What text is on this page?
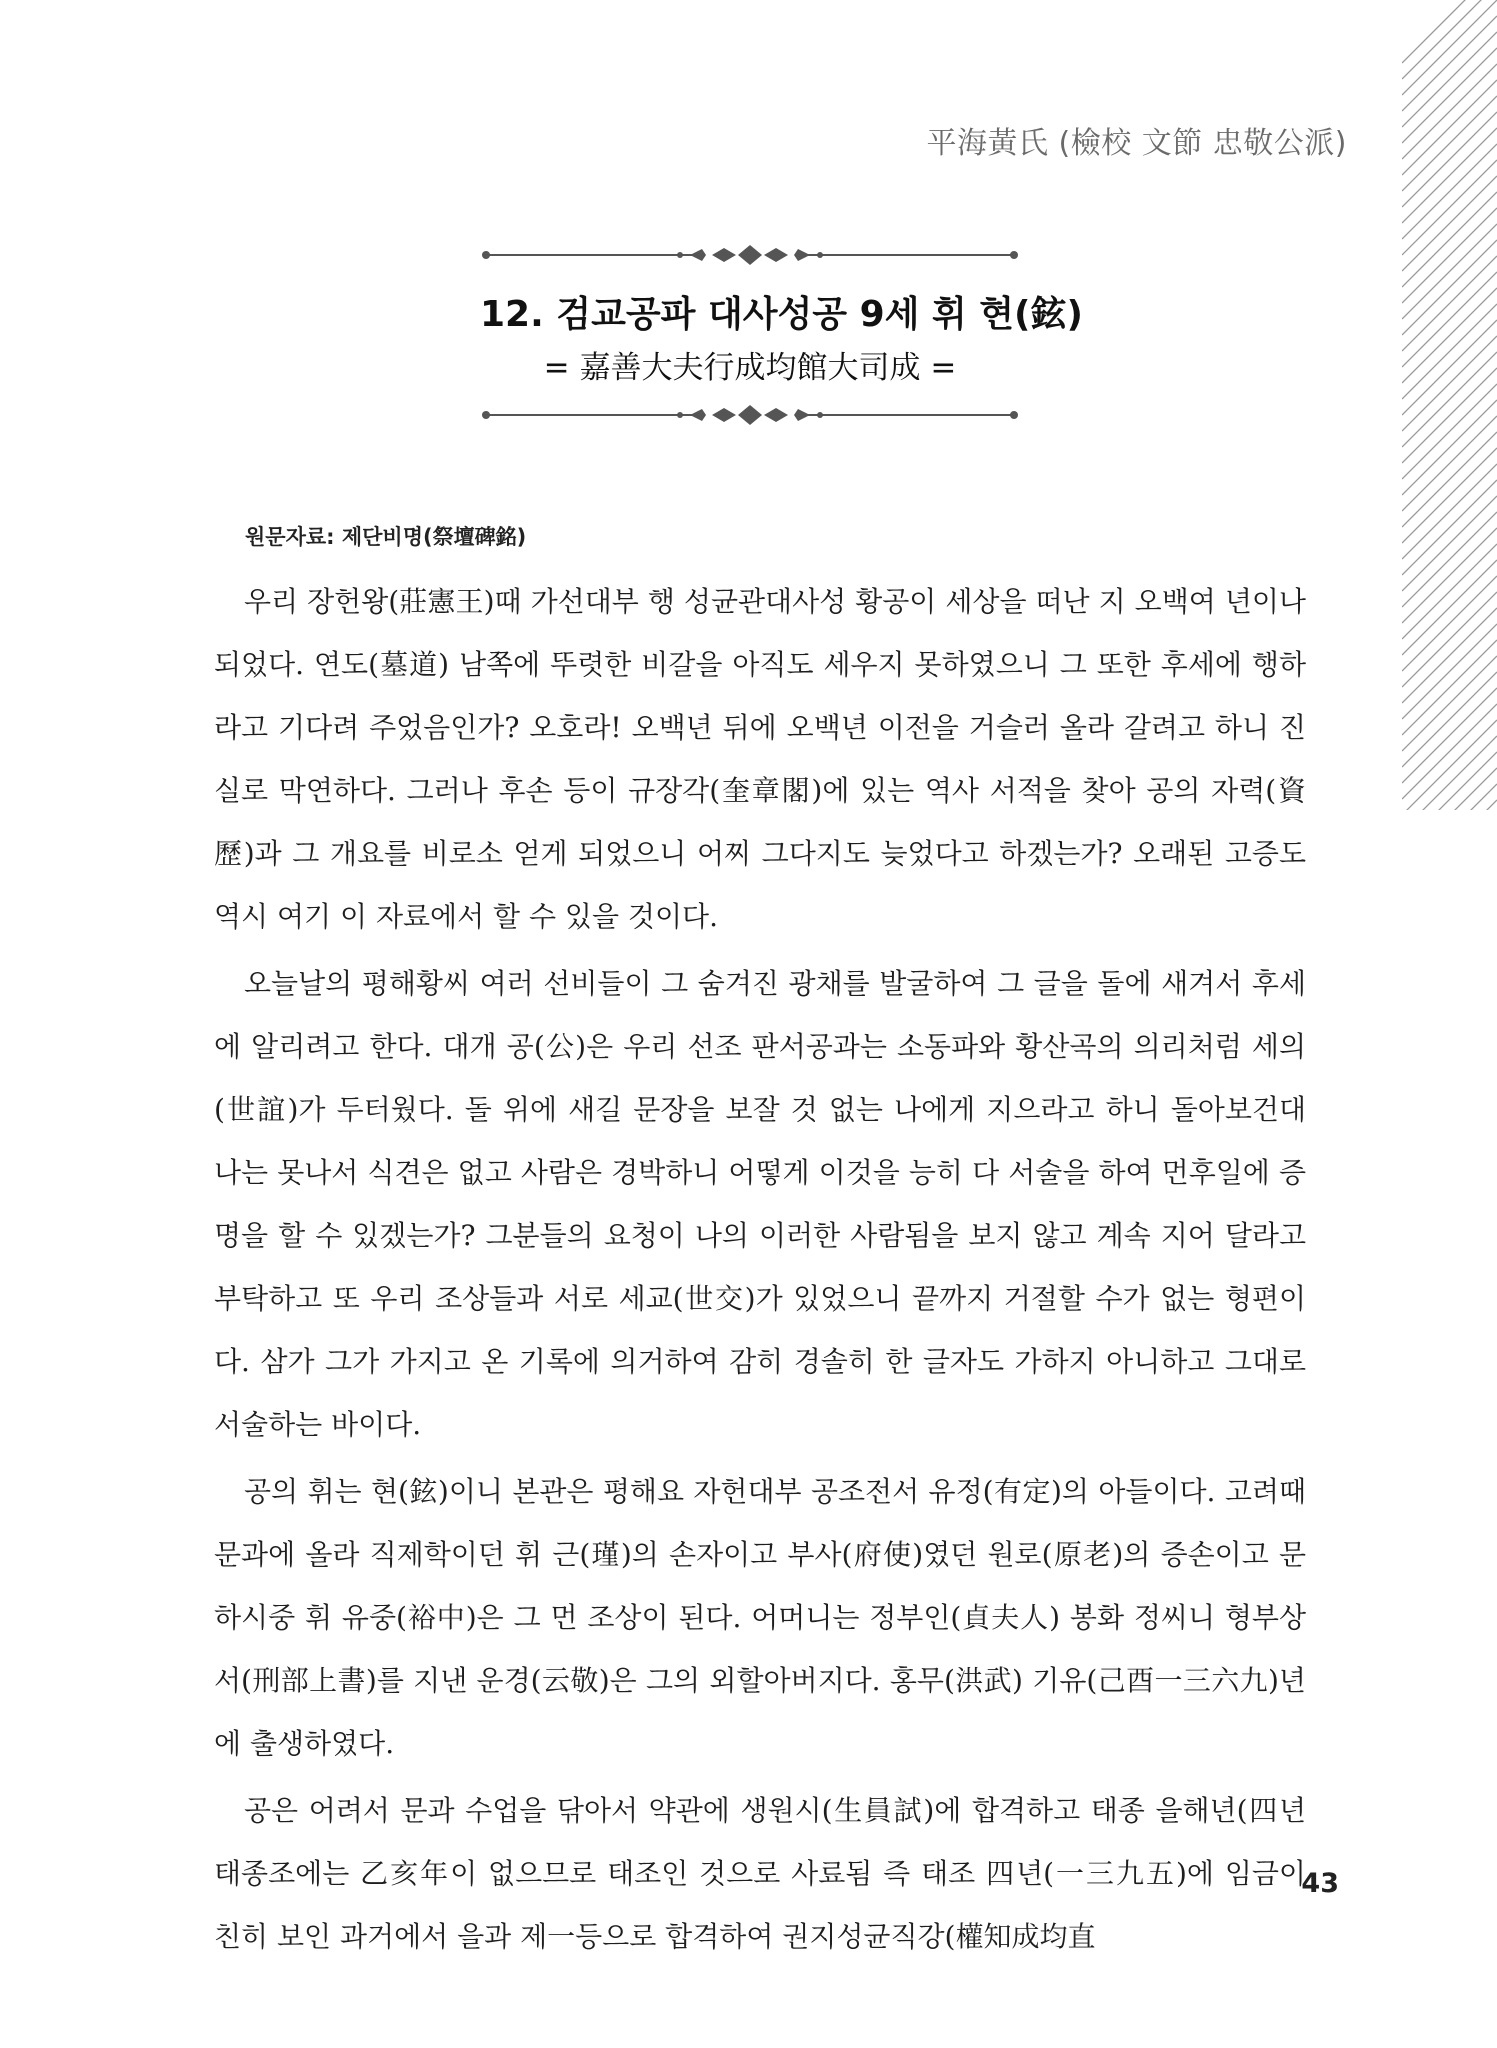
平海黃氏 (檢校 文節 忠敬公派)
12. 검교공파 대사성공 9세 휘 현(鉉)
= 嘉善大夫行成均館大司成 =
원문자료: 제단비명(祭壇碑銘)

우리 장헌왕(莊憲王)때 가선대부 행 성균관대사성 황공이 세상을 떠난 지 오백여 년이나 되었다. 연도(墓道) 남쪽에 뚜렷한 비갈을 아직도 세우지 못하였으니 그 또한 후세에 행하라고 기다려 주었음인가? 오호라! 오백년 뒤에 오백년 이전을 거슬러 올라 갈려고 하니 진실로 막연하다. 그러나 후손 등이 규장각(奎章閣)에 있는 역사 서적을 찾아 공의 자력(資歷)과 그 개요를 비로소 얻게 되었으니 어찌 그다지도 늦었다고 하겠는가? 오래된 고증도 역시 여기 이 자료에서 할 수 있을 것이다.

오늘날의 평해황씨 여러 선비들이 그 숨겨진 광채를 발굴하여 그 글을 돌에 새겨서 후세에 알리려고 한다. 대개 공(公)은 우리 선조 판서공과는 소동파와 황산곡의 의리처럼 세의(世誼)가 두터웠다. 돌 위에 새길 문장을 보잘 것 없는 나에게 지으라고 하니 돌아보건대 나는 못나서 식견은 없고 사람은 경박하니 어떻게 이것을 능히 다 서술을 하여 먼후일에 증명을 할 수 있겠는가? 그분들의 요청이 나의 이러한 사람됨을 보지 않고 계속 지어 달라고 부탁하고 또 우리 조상들과 서로 세교(世交)가 있었으니 끝까지 거절할 수가 없는 형편이다. 삼가 그가 가지고 온 기록에 의거하여 감히 경솔히 한 글자도 가하지 아니하고 그대로 서술하는 바이다.

공의 휘는 현(鉉)이니 본관은 평해요 자헌대부 공조전서 유정(有定)의 아들이다. 고려때 문과에 올라 직제학이던 휘 근(瑾)의 손자이고 부사(府使)였던 원로(原老)의 증손이고 문하시중 휘 유중(裕中)은 그 먼 조상이 된다. 어머니는 정부인(貞夫人) 봉화 정씨니 형부상서(刑部上書)를 지낸 운경(云敬)은 그의 외할아버지다. 홍무(洪武) 기유(己酉一三六九)년에 출생하였다.

공은 어려서 문과 수업을 닦아서 약관에 생원시(生員試)에 합격하고 태종 을해년(四년 태종조에는 乙亥年이 없으므로 태조인 것으로 사료됨 즉 태조 四년(一三九五)에 임금이 친히 보인 과거에서 을과 제一등으로 합격하여 권지성균직강(權知成均直

43
